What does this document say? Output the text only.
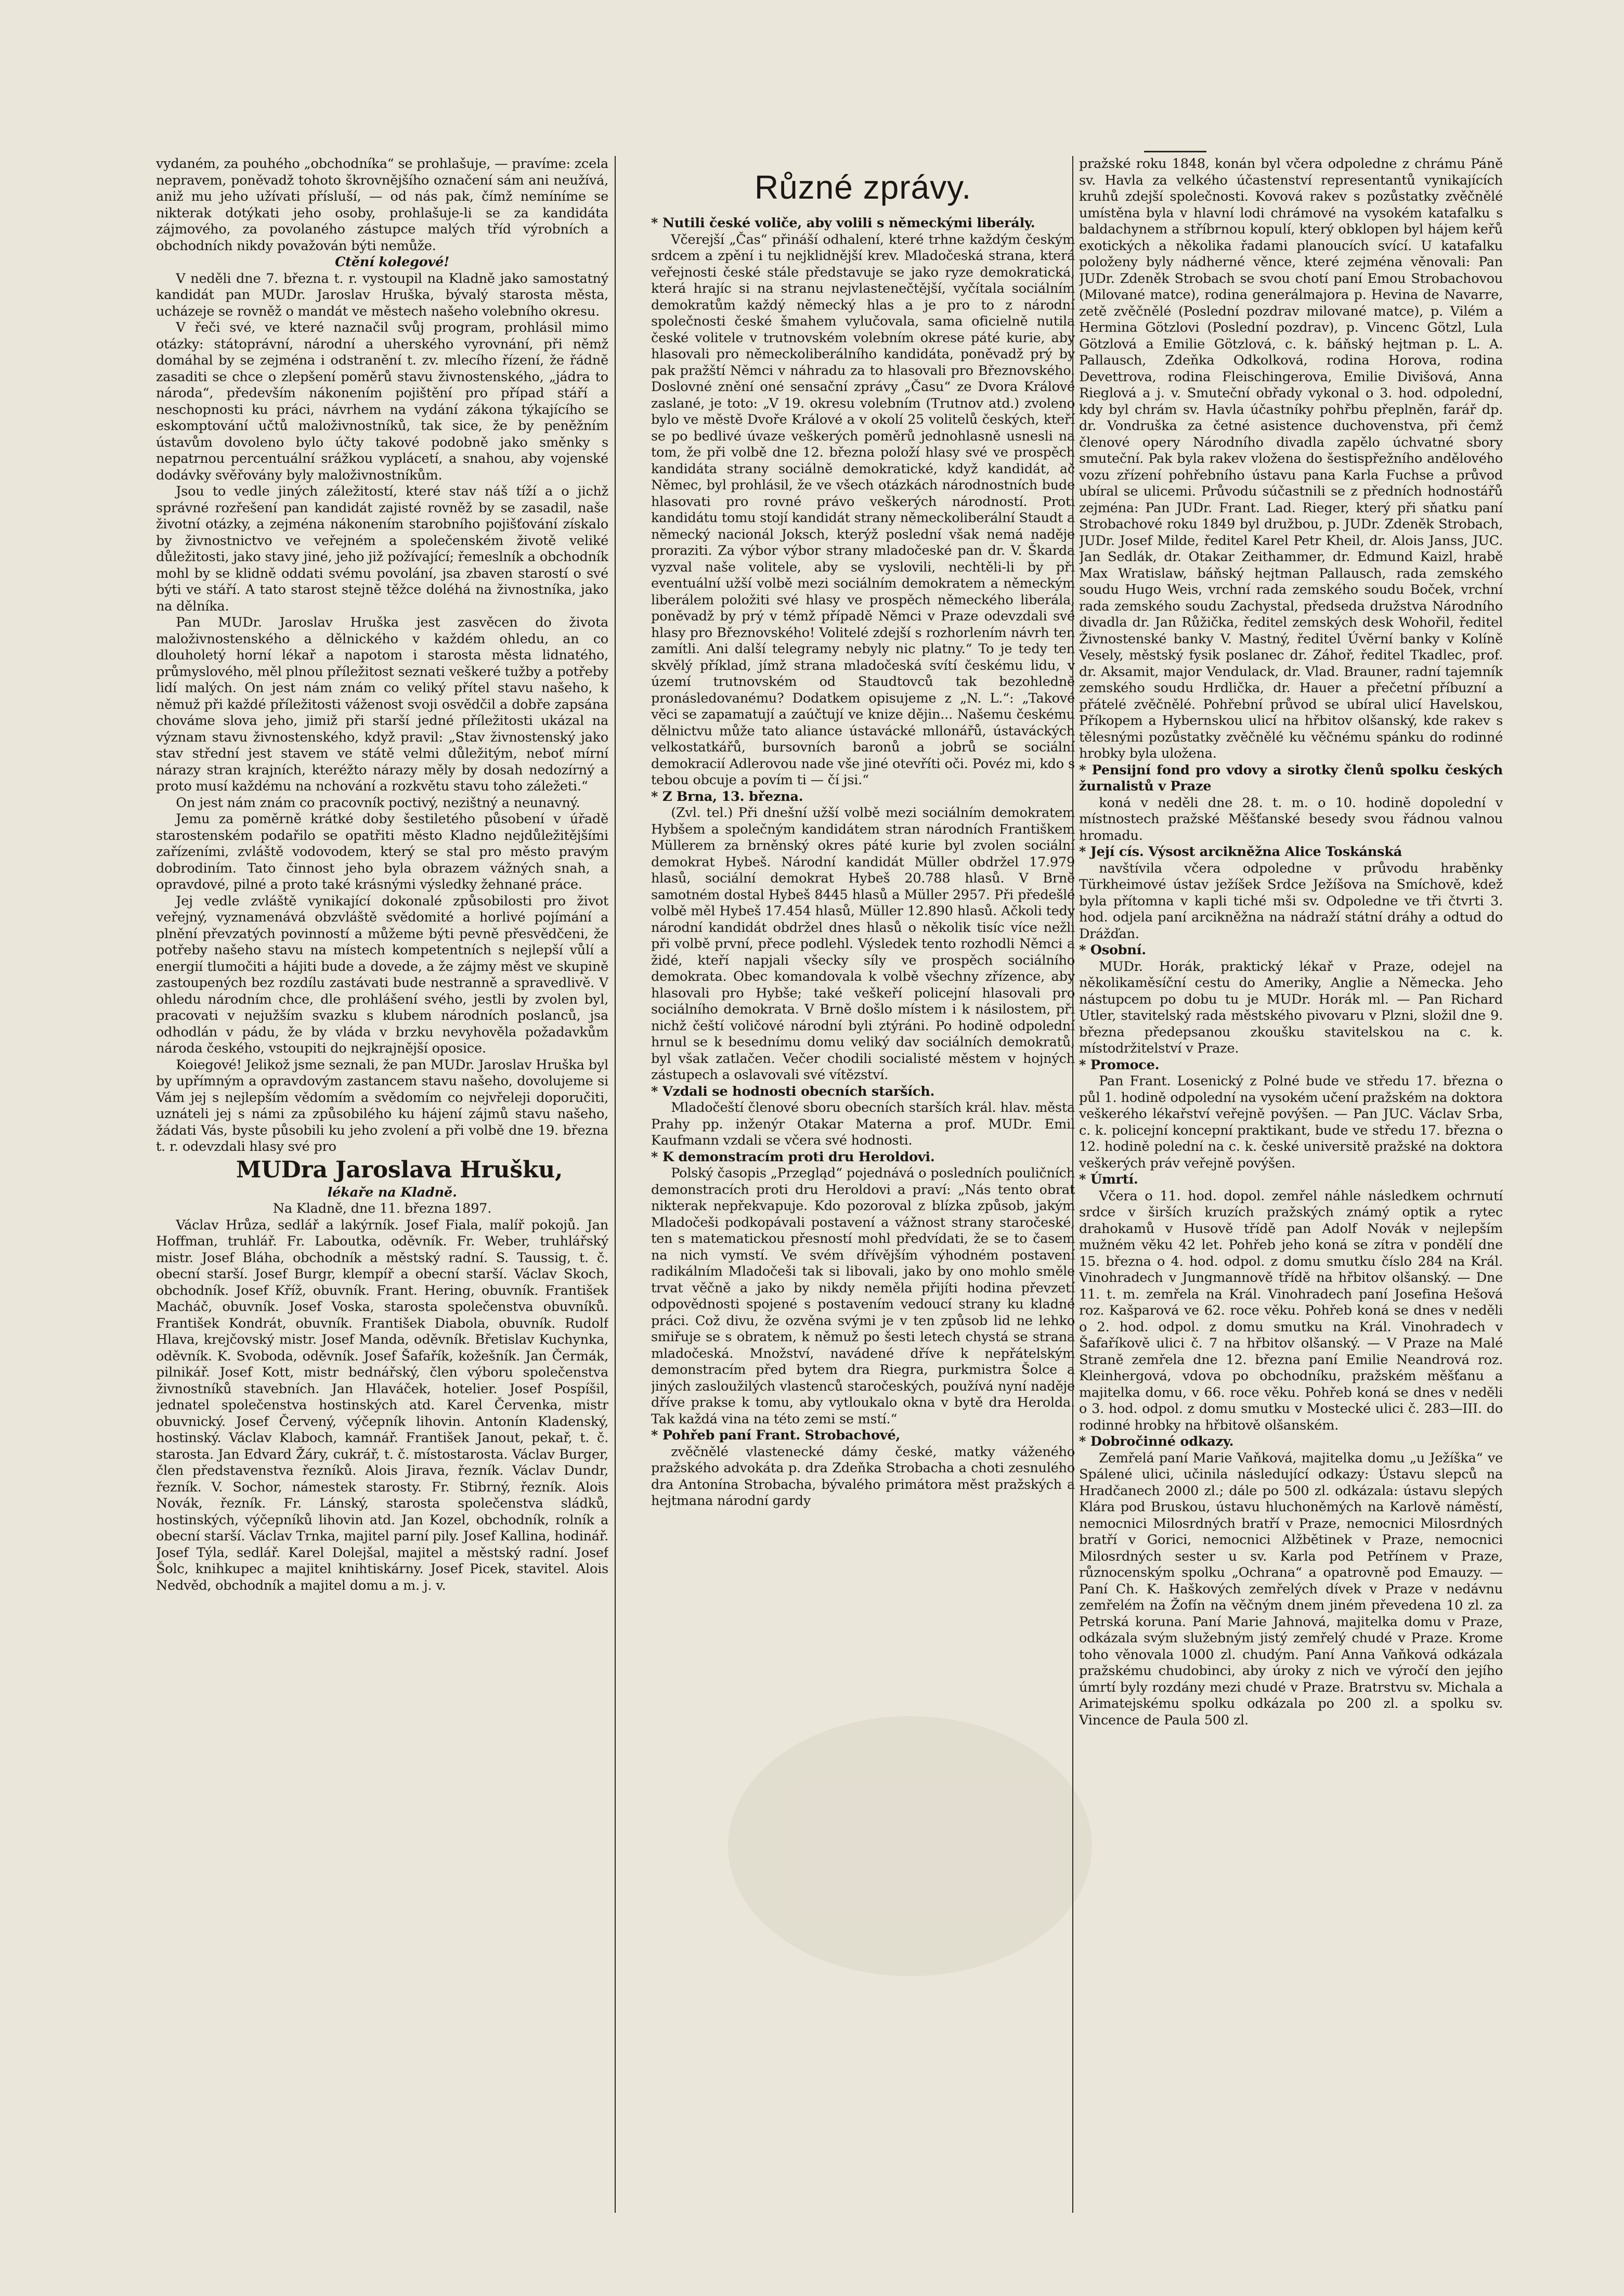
vydaném, za pouhého „obchodníka“ se prohlašuje, — pravíme: zcela nepravem, poněvadž tohoto škrovnějšího označení sám ani neužívá, aniž mu jeho užívati přísluší, — od nás pak, čímž nemíníme se nikterak dotýkati jeho osoby, prohlašuje-li se za kandidáta zájmového, za povolaného zástupce malých tříd výrobních a obchodních nikdy považován býti nemůže.

Ctění kolegové!

V neděli dne 7. března t. r. vystoupil na Kladně jako samostatný kandidát pan MUDr. Jaroslav Hruška, bývalý starosta města, ucházeje se rovněž o mandát ve městech našeho volebního okresu.

V řeči své, ve které naznačil svůj program, prohlásil mimo otázky: státoprávní, národní a uherského vyrovnání, při němž domáhal by se zejména i odstranění t. zv. mlecího řízení, že řádně zasaditi se chce o zlepšení poměrů stavu živnostenského, „jádra to národa“, především nákonením pojištění pro případ stáří a neschopnosti ku práci, návrhem na vydání zákona týkajícího se eskomptování učtů maloživnostníků, tak sice, že by peněžním ústavům dovoleno bylo účty takové podobně jako směnky s nepatrnou percentuální srážkou vyplácetí, a snahou, aby vojenské dodávky svěřovány byly maloživnostníkům.

Jsou to vedle jiných záležitostí, které stav náš tíží a o jichž správné rozřešení pan kandidát zajisté rovněž by se zasadil, naše životní otázky, a zejména nákonením starobního pojišťování získalo by živnostnictvo ve veřejném a společenském životě veliké důležitosti, jako stavy jiné, jeho již požívající; řemeslník a obchodník mohl by se klidně oddati svému povolání, jsa zbaven starostí o své býti ve stáří. A tato starost stejně těžce doléhá na živnostníka, jako na dělníka.

Pan MUDr. Jaroslav Hruška jest zasvěcen do života maloživnostenského a dělnického v každém ohledu, an co dlouholetý horní lékař a napotom i starosta města lidnatého, průmyslového, měl plnou příležitost seznati veškeré tužby a potřeby lidí malých. On jest nám znám co veliký přítel stavu našeho, k němuž při každé příležitosti váženost svoji osvědčil a dobře zapsána chováme slova jeho, jimiž při starší jedné příležitosti ukázal na význam stavu živnostenského, když pravil: „Stav živnostenský jako stav střední jest stavem ve státě velmi důležitým, neboť mírní nárazy stran krajních, kteréžto nárazy měly by dosah nedozírný a proto musí každému na nchování a rozkvětu stavu toho záležeti.“

On jest nám znám co pracovník poctivý, nezištný a neunavný.

Jemu za poměrně krátké doby šestiletého působení v úřadě starostenském podařilo se opatřiti město Kladno nejdůležitějšími zařízeními, zvláště vodovodem, který se stal pro město pravým dobrodiním. Tato činnost jeho byla obrazem vážných snah, a opravdové, pilné a proto také krásnými výsledky žehnané práce.

Jej vedle zvláště vynikající dokonalé způsobilosti pro život veřejný, vyznamenává obzvláště svědomité a horlivé pojímání a plnění převzatých povinností a můžeme býti pevně přesvědčeni, že potřeby našeho stavu na místech kompetentních s nejlepší vůlí a energií tlumočiti a hájiti bude a dovede, a že zájmy měst ve skupině zastoupených bez rozdílu zastávati bude nestranně a spravedlivě. V ohledu národním chce, dle prohlášení svého, jestli by zvolen byl, pracovati v nejužším svazku s klubem národních poslanců, jsa odhodlán v pádu, že by vláda v brzku nevyhověla požadavkům národa českého, vstoupiti do nejkrajnější oposice.

Koiegové! Jelikož jsme seznali, že pan MUDr. Jaroslav Hruška byl by upřímným a opravdovým zastancem stavu našeho, dovolujeme si Vám jej s nejlepším vědomím a svědomím co nejvřeleji doporučiti, uznáteli jej s námi za způsobilého ku hájení zájmů stavu našeho, žádati Vás, byste působili ku jeho zvolení a při volbě dne 19. března t. r. odevzdali hlasy své pro

MUDra Jaroslava Hrušku,

lékaře na Kladně.

Na Kladně, dne 11. března 1897.

Václav Hrůza, sedlář a lakýrník. Josef Fiala, malíř pokojů. Jan Hoffman, truhlář. Fr. Laboutka, oděvník. Fr. Weber, truhlářský mistr. Josef Bláha, obchodník a městský radní. S. Taussig, t. č. obecní starší. Josef Burgr, klempíř a obecní starší. Václav Skoch, obchodník. Josef Kříž, obuvník. Frant. Hering, obuvník. František Macháč, obuvník. Josef Voska, starosta společenstva obuvníků. František Kondrát, obuvník. František Diabola, obuvník. Rudolf Hlava, krejčovský mistr. Josef Manda, oděvník. Břetislav Kuchynka, oděvník. K. Svoboda, oděvník. Josef Šafařík, kožešník. Jan Čermák, pilnikář. Josef Kott, mistr bednářský, člen výboru společenstva živnostníků stavebních. Jan Hlaváček, hotelier. Josef Pospíšil, jednatel společenstva hostinských atd. Karel Červenka, mistr obuvnický. Josef Červený, výčepník lihovin. Antonín Kladenský, hostinský. Václav Klaboch, kamnář. František Janout, pekař, t. č. starosta. Jan Edvard Žáry, cukrář, t. č. místostarosta. Václav Burger, člen představenstva řezníků. Alois Jirava, řezník. Václav Dundr, řezník. V. Sochor, námestek starosty. Fr. Stibrný, řezník. Alois Novák, řezník. Fr. Lánský, starosta společenstva sládků, hostinských, výčepníků lihovin atd. Jan Kozel, obchodník, rolník a obecní starší. Václav Trnka, majitel parní pily. Josef Kallina, hodinář. Josef Týla, sedlář. Karel Dolejšal, majitel a městský radní. Josef Šolc, knihkupec a majitel knihtiskárny. Josef Picek, stavitel. Alois Nedvěd, obchodník a majitel domu a m. j. v.

Různé zprávy.

* Nutili české voliče, aby volili s německými liberály.

Včerejší „Čas“ přináší odhalení, které trhne každým českým srdcem a zpění i tu nejklidnější krev. Mladočeská strana, která veřejnosti české stále představuje se jako ryze demokratická, která hrajíc si na stranu nejvlastenečtější, vyčítala sociálním demokratům každý německý hlas a je pro to z národní společnosti české šmahem vylučovala, sama oficielně nutila české volitele v trutnovském volebním okrese páté kurie, aby hlasovali pro německoliberálního kandidáta, poněvadž prý by pak pražští Němci v náhradu za to hlasovali pro Březnovského. Doslovné znění oné sensační zprávy „Času“ ze Dvora Králové zaslané, je toto: „V 19. okresu volebním (Trutnov atd.) zvoleno bylo ve městě Dvoře Králové a v okolí 25 volitelů českých, kteří se po bedlivé úvaze veškerých poměrů jednohlasně usnesli na tom, že při volbě dne 12. března položí hlasy své ve prospěch kandidáta strany sociálně demokratické, když kandidát, ač Němec, byl prohlásil, že ve všech otázkách národnostních bude hlasovati pro rovné právo veškerých národností. Proti kandidátu tomu stojí kandidát strany německoliberální Staudt a německý nacionál Joksch, kterýž poslední však nemá naděje proraziti. Za výbor výbor strany mladočeské pan dr. V. Škarda vyzval naše volitele, aby se vyslovili, nechtěli-li by při eventuální užší volbě mezi sociálním demokratem a německým liberálem položiti své hlasy ve prospěch německého liberála, poněvadž by prý v témž případě Němci v Praze odevzdali své hlasy pro Březnovského! Volitelé zdejší s rozhorlením návrh ten zamítli. Ani další telegramy nebyly nic platny.“ To je tedy ten skvělý příklad, jímž strana mladočeská svítí českému lidu, v území trutnovském od Staudtovců tak bezohledně pronásledovanému? Dodatkem opisujeme z „N. L.“: „Takové věci se zapamatují a zaúčtují ve knize dějin... Našemu českému dělnictvu může tato aliance ústavácké mllonářů, ústaváckých velkostatkářů, bursovních baronů a jobrů se sociální demokracií Adlerovou nade vše jiné otevříti oči. Povéz mi, kdo s tebou obcuje a povím ti — čí jsi.“

* Z Brna, 13. března.

(Zvl. tel.) Při dnešní užší volbě mezi sociálním demokratem Hybšem a společným kandidátem stran národních Františkem Müllerem za brněnský okres páté kurie byl zvolen sociální demokrat Hybeš. Národní kandidát Müller obdržel 17.979 hlasů, sociální demokrat Hybeš 20.788 hlasů. V Brně samotném dostal Hybeš 8445 hlasů a Müller 2957. Při předešlé volbě měl Hybeš 17.454 hlasů, Müller 12.890 hlasů. Ačkoli tedy národní kandidát obdržel dnes hlasů o několik tisíc více nežli při volbě první, přece podlehl. Výsledek tento rozhodli Němci a židé, kteří napjali všecky síly ve prospěch sociálního demokrata. Obec komandovala k volbě všechny zřízence, aby hlasovali pro Hybše; také veškeří policejní hlasovali pro sociálního demokrata. V Brně došlo místem i k násilostem, při nichž čeští voličové národní byli ztýráni. Po hodině odpolední hrnul se k besednímu domu veliký dav sociálních demokratů, byl však zatlačen. Večer chodili socialisté městem v hojných zástupech a oslavovali své vítězství.

* Vzdali se hodnosti obecních starších.

Mladočeští členové sboru obecních starších král. hlav. města Prahy pp. inženýr Otakar Materna a prof. MUDr. Emil Kaufmann vzdali se včera své hodnosti.

* K demonstracím proti dru Heroldovi.

Polský časopis „Przegląd“ pojednává o posledních pouličních demonstracích proti dru Heroldovi a praví: „Nás tento obrat nikterak nepřekvapuje. Kdo pozoroval z blízka způsob, jakým Mladočeši podkopávali postavení a vážnost strany staročeské, ten s matematickou přesností mohl předvídati, že se to časem na nich vymstí. Ve svém dřívějším výhodném postavení radikálním Mladočeši tak si libovali, jako by ono mohlo směle trvat věčně a jako by nikdy neměla přijíti hodina převzetí odpovědnosti spojené s postavením vedoucí strany ku kladné práci. Což divu, že ozvěna svými je v ten způsob lid ne lehko smiřuje se s obratem, k němuž po šesti letech chystá se strana mladočeská. Množství, navádené dříve k nepřátelským demonstracím před bytem dra Riegra, purkmistra Šolce a jiných zasloužilých vlastenců staročeských, používá nyní naděje dříve prakse k tomu, aby vytloukalo okna v bytě dra Herolda. Tak každá vina na této zemi se mstí.“

* Pohřeb paní Frant. Strobachové,

zvěčnělé vlastenecké dámy české, matky váženého pražského advokáta p. dra Zdeňka Strobacha a choti zesnulého dra Antonína Strobacha, bývalého primátora měst pražských a hejtmana národní gardy

pražské roku 1848, konán byl včera odpoledne z chrámu Páně sv. Havla za velkého účastenství representantů vynikajících kruhů zdejší společnosti. Kovová rakev s pozůstatky zvěčnělé umístěna byla v hlavní lodi chrámové na vysokém katafalku s baldachynem a stříbrnou kopulí, který obklopen byl hájem keřů exotických a několika řadami planoucích svící. U katafalku položeny byly nádherné věnce, které zejména věnovali: Pan JUDr. Zdeněk Strobach se svou chotí paní Emou Strobachovou (Milované matce), rodina generálmajora p. Hevina de Navarre, zetě zvěčnělé (Poslední pozdrav milované matce), p. Vilém a Hermina Götzlovi (Poslední pozdrav), p. Vincenc Götzl, Lula Götzlová a Emilie Götzlová, c. k. báňský hejtman p. L. A. Pallausch, Zdeňka Odkolková, rodina Horova, rodina Devettrova, rodina Fleischingerova, Emilie Divišová, Anna Rieglová a j. v. Smuteční obřady vykonal o 3. hod. odpolední, kdy byl chrám sv. Havla účastníky pohřbu přeplněn, farář dp. dr. Vondruška za četné asistence duchovenstva, při čemž členové opery Národního divadla zapělo úchvatné sbory smuteční. Pak byla rakev vložena do šestispřežního andělového vozu zřízení pohřebního ústavu pana Karla Fuchse a průvod ubíral se ulicemi. Průvodu súčastnili se z předních hodnostářů zejména: Pan JUDr. Frant. Lad. Rieger, který při sňatku paní Strobachové roku 1849 byl družbou, p. JUDr. Zdeněk Strobach, JUDr. Josef Milde, ředitel Karel Petr Kheil, dr. Alois Janss, JUC. Jan Sedlák, dr. Otakar Zeithammer, dr. Edmund Kaizl, hrabě Max Wratislaw, báňský hejtman Pallausch, rada zemského soudu Hugo Weis, vrchní rada zemského soudu Boček, vrchní rada zemského soudu Zachystal, předseda družstva Národního divadla dr. Jan Růžička, ředitel zemských desk Wohořil, ředitel Živnostenské banky V. Mastný, ředitel Úvěrní banky v Kolíně Vesely, městský fysik poslanec dr. Záhoř, ředitel Tkadlec, prof. dr. Aksamit, major Vendulack, dr. Vlad. Brauner, radní tajemník zemského soudu Hrdlička, dr. Hauer a přečetní příbuzní a přátelé zvěčnělé. Pohřební průvod se ubíral ulicí Havelskou, Příkopem a Hybernskou ulicí na hřbitov olšanský, kde rakev s tělesnými pozůstatky zvěčnělé ku věčnému spánku do rodinné hrobky byla uložena.

* Pensijní fond pro vdovy a sirotky členů spolku českých žurnalistů v Praze

koná v neděli dne 28. t. m. o 10. hodině dopolední v místnostech pražské Měšťanské besedy svou řádnou valnou hromadu.

* Její cís. Výsost arcikněžna Alice Toskánská

navštívila včera odpoledne v průvodu hraběnky Türkheimové ústav ježíšek Srdce Ježíšova na Smíchově, kdež byla přítomna v kapli tiché mši sv. Odpoledne ve tři čtvrti 3. hod. odjela paní arcikněžna na nádraží státní dráhy a odtud do Drážďan.

* Osobní.

MUDr. Horák, praktický lékař v Praze, odejel na několikaměsíční cestu do Ameriky, Anglie a Německa. Jeho nástupcem po dobu tu je MUDr. Horák ml. — Pan Richard Utler, stavitelský rada městského pivovaru v Plzni, složil dne 9. března předepsanou zkoušku stavitelskou na c. k. místodržitelství v Praze.

* Promoce.

Pan Frant. Losenický z Polné bude ve středu 17. března o půl 1. hodině odpolední na vysokém učení pražském na doktora veškerého lékařství veřejně povýšen. — Pan JUC. Václav Srba, c. k. policejní koncepní praktikant, bude ve středu 17. března o 12. hodině polední na c. k. české universitě pražské na doktora veškerých práv veřejně povýšen.

* Úmrtí.

Včera o 11. hod. dopol. zemřel náhle následkem ochrnutí srdce v širších kruzích pražských známý optik a rytec drahokamů v Husově třídě pan Adolf Novák v nejlepším mužném věku 42 let. Pohřeb jeho koná se zítra v pondělí dne 15. března o 4. hod. odpol. z domu smutku číslo 284 na Král. Vinohradech v Jungmannově třídě na hřbitov olšanský. — Dne 11. t. m. zemřela na Král. Vinohradech paní Josefina Hešová roz. Kašparová ve 62. roce věku. Pohřeb koná se dnes v neděli o 2. hod. odpol. z domu smutku na Král. Vinohradech v Šafaříkově ulici č. 7 na hřbitov olšanský. — V Praze na Malé Straně zemřela dne 12. března paní Emilie Neandrová roz. Kleinhergová, vdova po obchodníku, pražském měšťanu a majitelka domu, v 66. roce věku. Pohřeb koná se dnes v neděli o 3. hod. odpol. z domu smutku v Mostecké ulici č. 283—III. do rodinné hrobky na hřbitově olšanském.

* Dobročinné odkazy.

Zemřelá paní Marie Vaňková, majitelka domu „u Ježíška“ ve Spálené ulici, učinila následující odkazy: Ústavu slepců na Hradčanech 2000 zl.; dále po 500 zl. odkázala: ústavu slepých Klára pod Bruskou, ústavu hluchoněmých na Karlově náměstí, nemocnici Milosrdných bratří v Praze, nemocnici Milosrdných bratří v Gorici, nemocnici Alžbětinek v Praze, nemocnici Milosrdných sester u sv. Karla pod Petřínem v Praze, různocenským spolku „Ochrana“ a opatrovně pod Emauzy. — Paní Ch. K. Haškových zemřelých dívek v Praze v nedávnu zemřelém na Žofín na věčným dnem jiném převedena 10 zl. za Petrská koruna. Paní Marie Jahnová, majitelka domu v Praze, odkázala svým služebným jistý zemřelý chudé v Praze. Krome toho věnovala 1000 zl. chudým. Paní Anna Vaňková odkázala pražskému chudobinci, aby úroky z nich ve výročí den jejího úmrtí byly rozdány mezi chudé v Praze. Bratrstvu sv. Michala a Arimatejskému spolku odkázala po 200 zl. a spolku sv. Vincence de Paula 500 zl.
